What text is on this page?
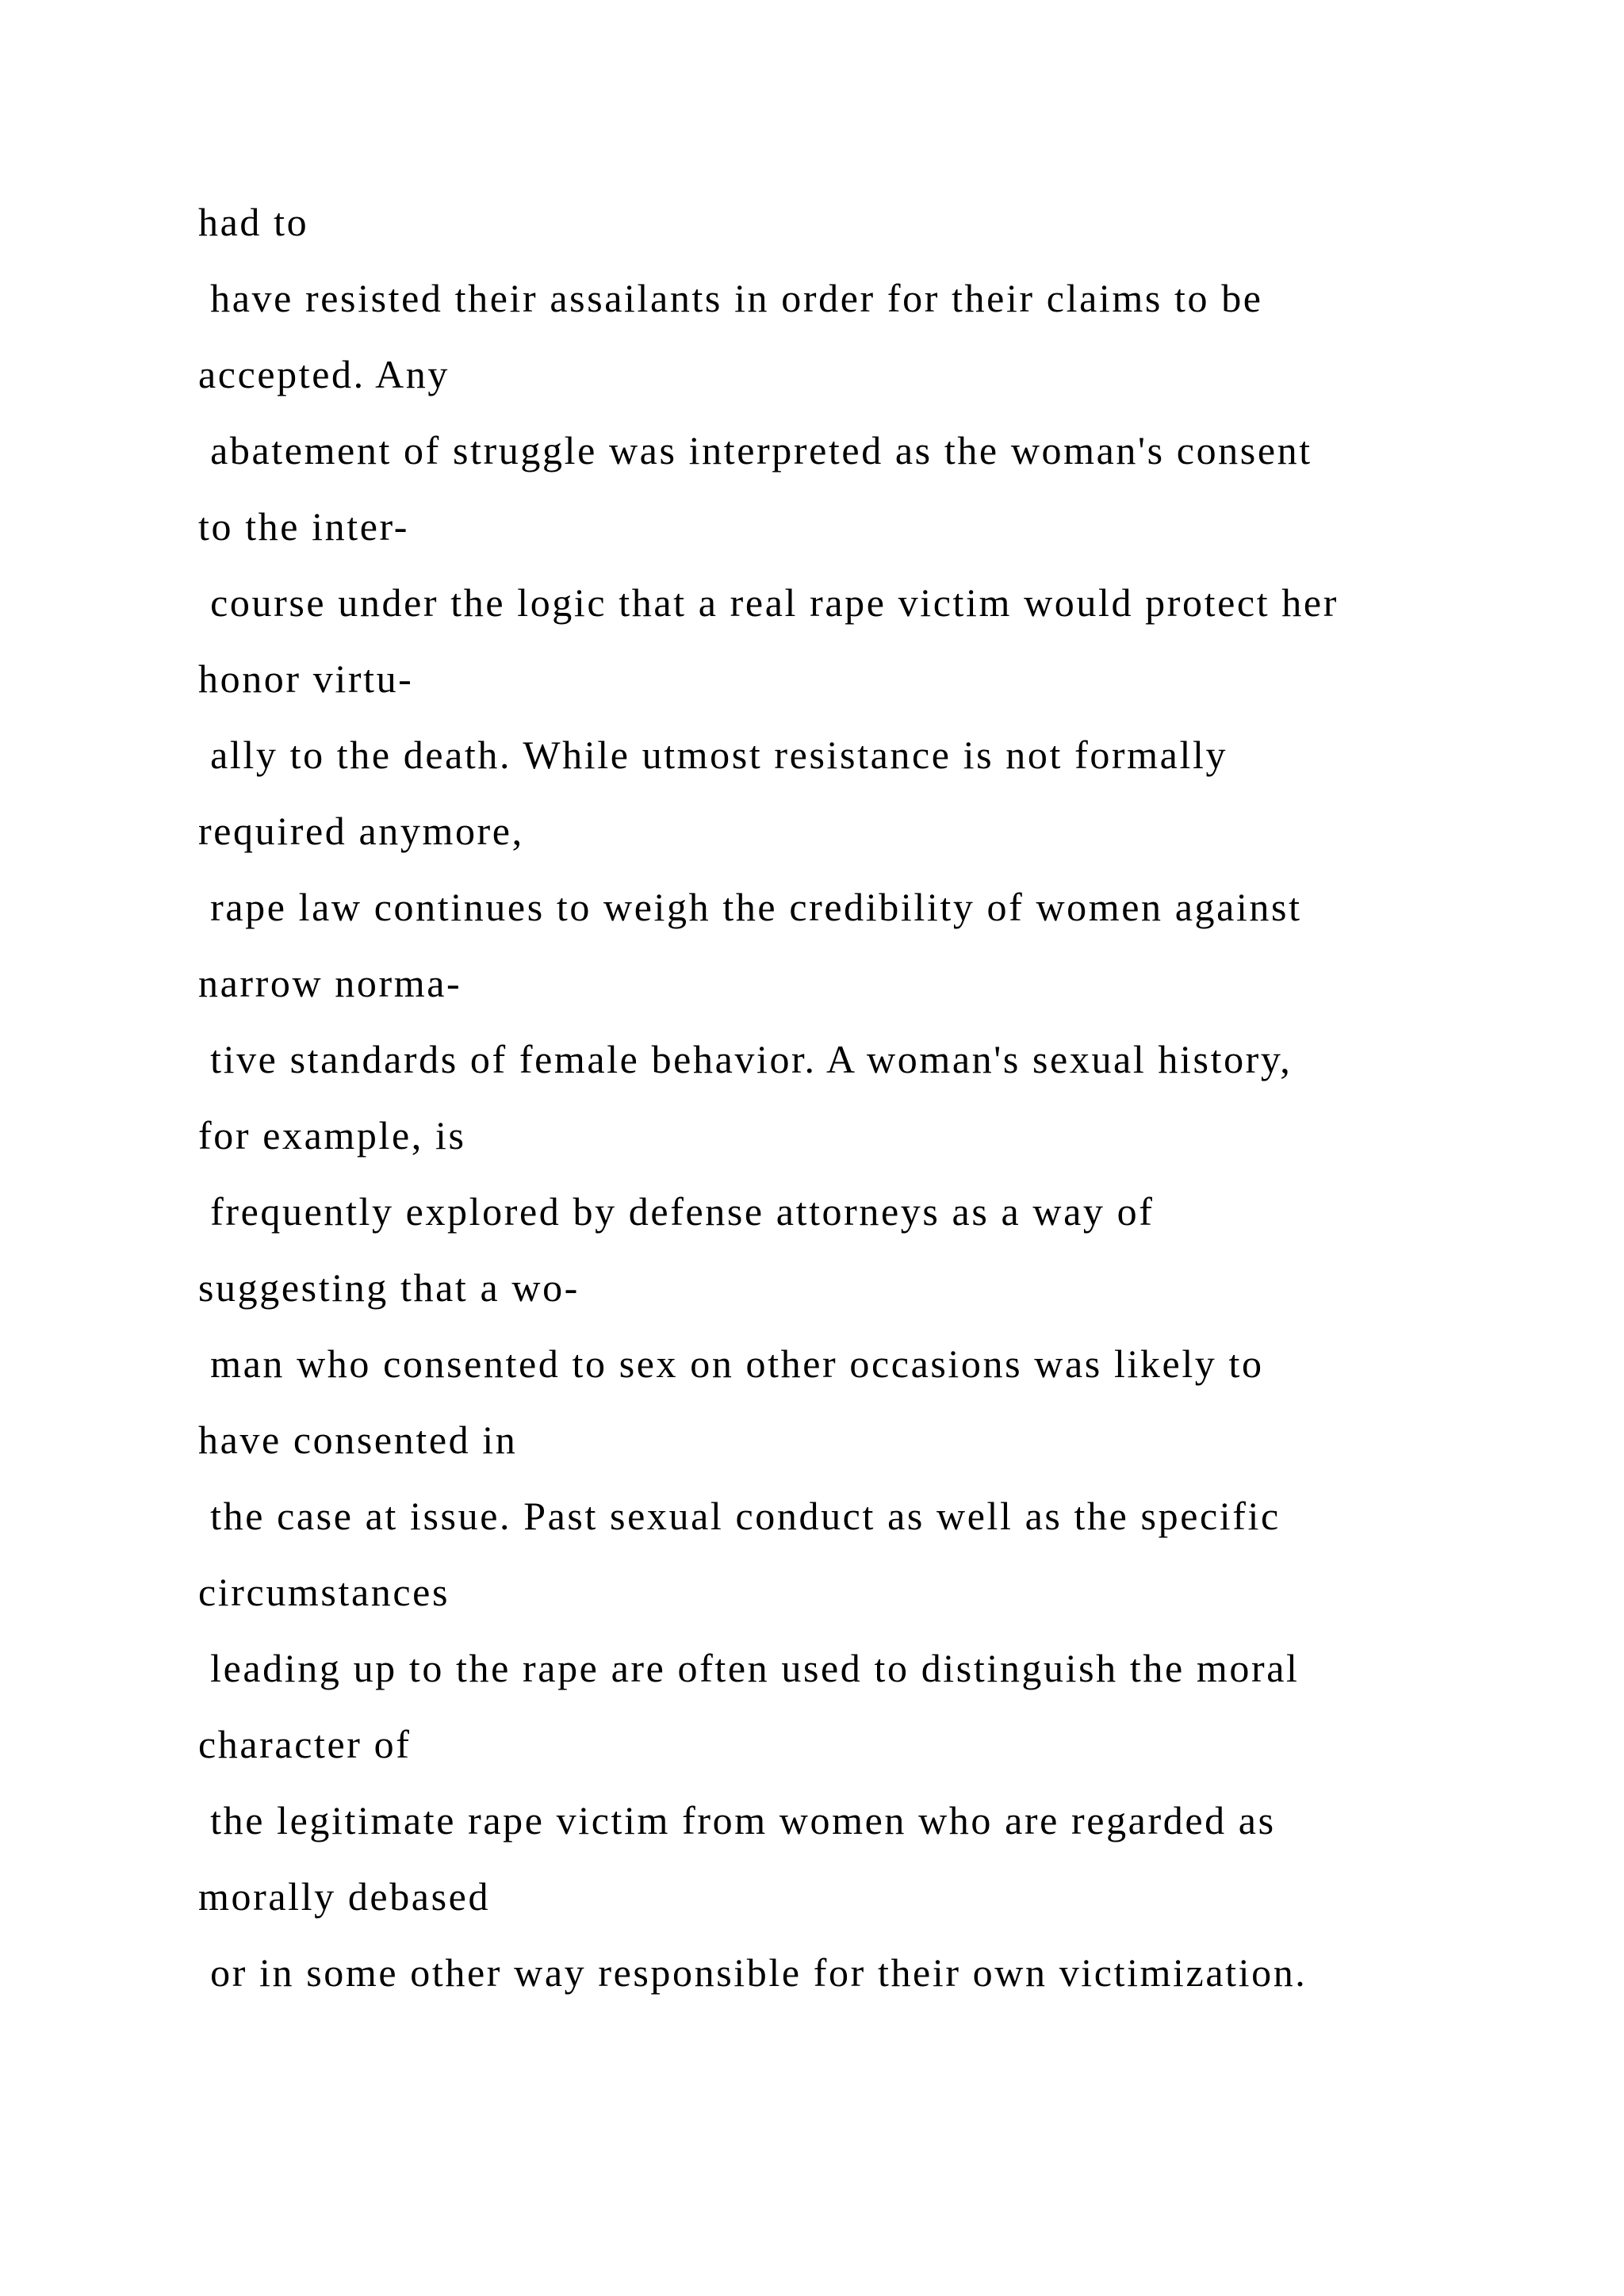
had to
have resisted their assailants in order for their claims to be
accepted. Any
abatement of struggle was interpreted as the woman's consent
to the inter-
course under the logic that a real rape victim would protect her
honor virtu-
ally to the death. While utmost resistance is not formally
required anymore,
rape law continues to weigh the credibility of women against
narrow norma-
tive standards of female behavior. A woman's sexual history,
for example, is
frequently explored by defense attorneys as a way of
suggesting that a wo-
man who consented to sex on other occasions was likely to
have consented in
the case at issue. Past sexual conduct as well as the specific
circumstances
leading up to the rape are often used to distinguish the moral
character of
the legitimate rape victim from women who are regarded as
morally debased
or in some other way responsible for their own victimization.
